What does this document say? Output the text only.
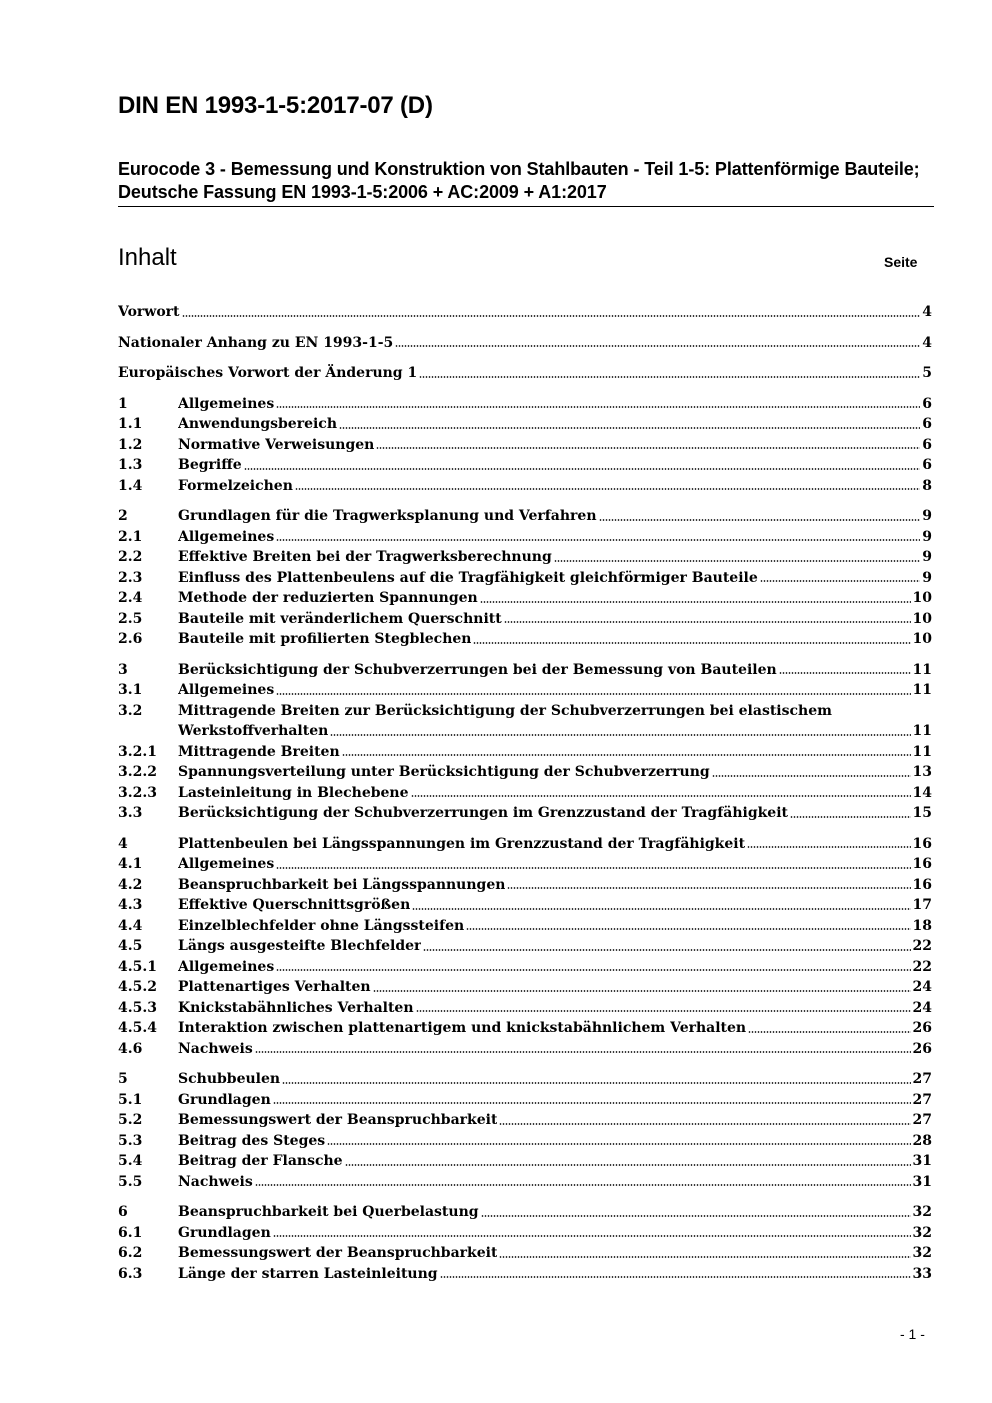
DIN EN 1993-1-5:2017-07 (D)

Eurocode 3 - Bemessung und Konstruktion von Stahlbauten - Teil 1-5: Plattenförmige Bauteile; Deutsche Fassung EN 1993-1-5:2006 + AC:2009 + A1:2017

Inhalt	Seite
Vorwort	4
Nationaler Anhang zu EN 1993-1-5	4
Europäisches Vorwort der Änderung 1	5
1	Allgemeines	6
1.1	Anwendungsbereich	6
1.2	Normative Verweisungen	6
1.3	Begriffe	6
1.4	Formelzeichen	8
2	Grundlagen für die Tragwerksplanung und Verfahren	9
2.1	Allgemeines	9
2.2	Effektive Breiten bei der Tragwerksberechnung	9
2.3	Einfluss des Plattenbeulens auf die Tragfähigkeit gleichförmiger Bauteile	9
2.4	Methode der reduzierten Spannungen	10
2.5	Bauteile mit veränderlichem Querschnitt	10
2.6	Bauteile mit profilierten Stegblechen	10
3	Berücksichtigung der Schubverzerrungen bei der Bemessung von Bauteilen	11
3.1	Allgemeines	11
3.2	Mittragende Breiten zur Berücksichtigung der Schubverzerrungen bei elastischem
Werkstoffverhalten	11
3.2.1	Mittragende Breiten	11
3.2.2	Spannungsverteilung unter Berücksichtigung der Schubverzerrung	13
3.2.3	Lasteinleitung in Blechebene	14
3.3	Berücksichtigung der Schubverzerrungen im Grenzzustand der Tragfähigkeit	15
4	Plattenbeulen bei Längsspannungen im Grenzzustand der Tragfähigkeit	16
4.1	Allgemeines	16
4.2	Beanspruchbarkeit bei Längsspannungen	16
4.3	Effektive Querschnittsgrößen	17
4.4	Einzelblechfelder ohne Längssteifen	18
4.5	Längs ausgesteifte Blechfelder	22
4.5.1	Allgemeines	22
4.5.2	Plattenartiges Verhalten	24
4.5.3	Knickstabähnliches Verhalten	24
4.5.4	Interaktion zwischen plattenartigem und knickstabähnlichem Verhalten	26
4.6	Nachweis	26
5	Schubbeulen	27
5.1	Grundlagen	27
5.2	Bemessungswert der Beanspruchbarkeit	27
5.3	Beitrag des Steges	28
5.4	Beitrag der Flansche	31
5.5	Nachweis	31
6	Beanspruchbarkeit bei Querbelastung	32
6.1	Grundlagen	32
6.2	Bemessungswert der Beanspruchbarkeit	32
6.3	Länge der starren Lasteinleitung	33
- 1 -
